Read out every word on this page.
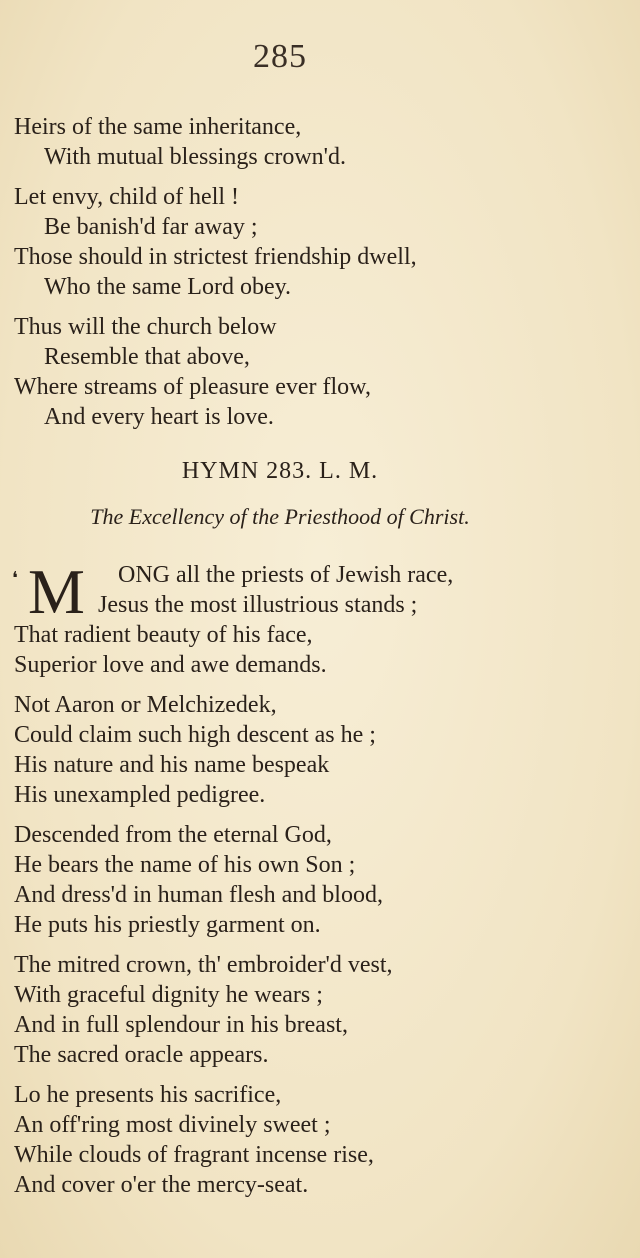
285
Heirs of the same inheritance,
With mutual blessings crown'd.
Let envy, child of hell !
Be banish'd far away ;
Those should in strictest friendship dwell,
Who the same Lord obey.
Thus will the church below
Resemble that above,
Where streams of pleasure ever flow,
And every heart is love.
HYMN 283. L. M.
The Excellency of the Priesthood of Christ.
❛ M	ONG all the priests of Jewish race,
Jesus the most illustrious stands ;
That radient beauty of his face,
Superior love and awe demands.
Not Aaron or Melchizedek,
Could claim such high descent as he ;
His nature and his name bespeak
His unexampled pedigree.
Descended from the eternal God,
He bears the name of his own Son ;
And dress'd in human flesh and blood,
He puts his priestly garment on.
The mitred crown, th' embroider'd vest,
With graceful dignity he wears ;
And in full splendour in his breast,
The sacred oracle appears.
Lo he presents his sacrifice,
An off'ring most divinely sweet ;
While clouds of fragrant incense rise,
And cover o'er the mercy-seat.
